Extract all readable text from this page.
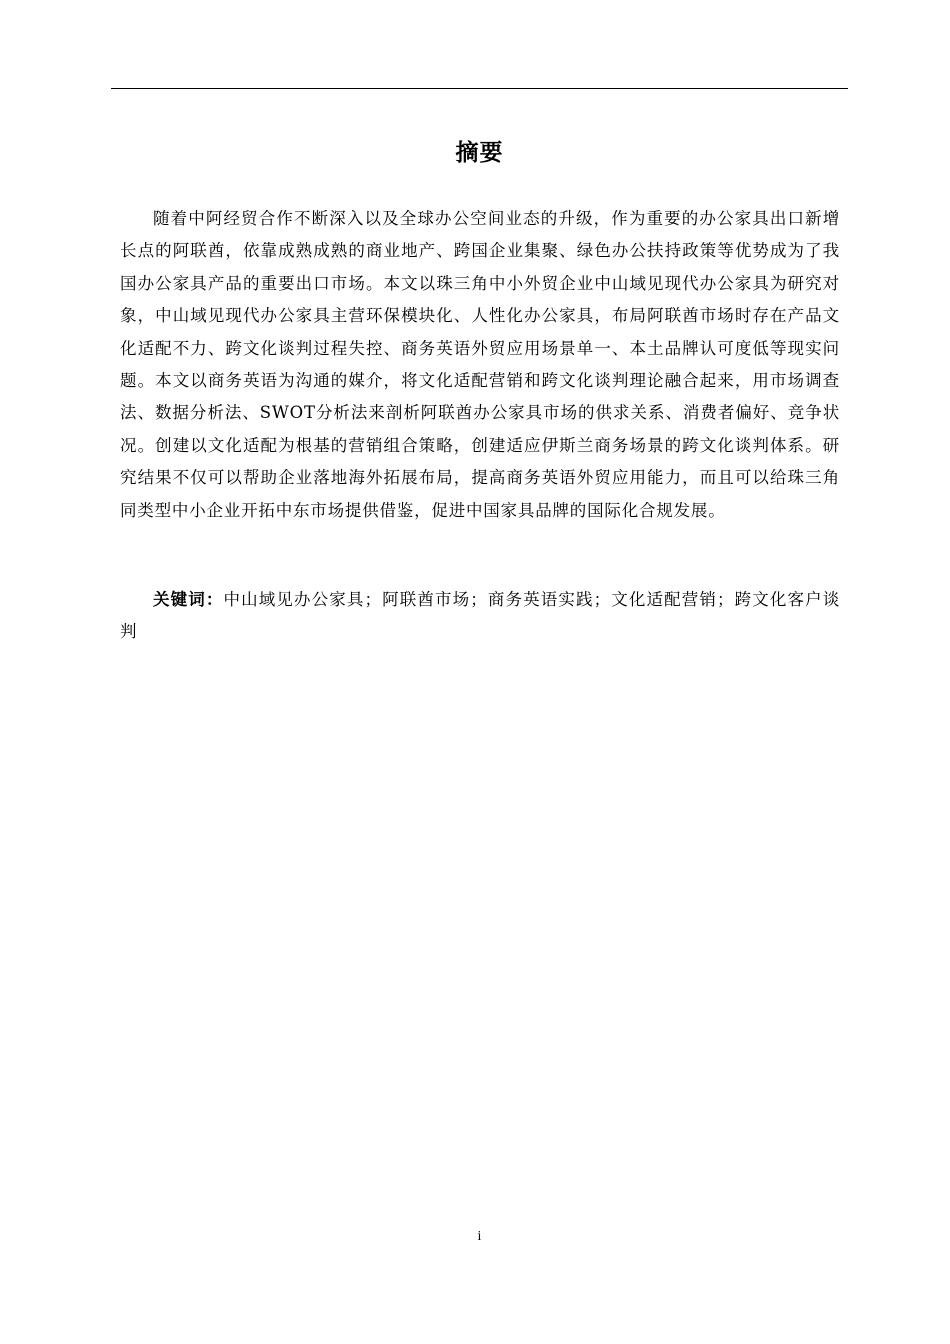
摘要

随着中阿经贸合作不断深入以及全球办公空间业态的升级，作为重要的办公家具出口新增长点的阿联酋，依靠成熟成熟的商业地产、跨国企业集聚、绿色办公扶持政策等优势成为了我国办公家具产品的重要出口市场。本文以珠三角中小外贸企业中山域见现代办公家具为研究对象，中山域见现代办公家具主营环保模块化、人性化办公家具，布局阿联酋市场时存在产品文化适配不力、跨文化谈判过程失控、商务英语外贸应用场景单一、本土品牌认可度低等现实问题。本文以商务英语为沟通的媒介，将文化适配营销和跨文化谈判理论融合起来，用市场调查法、数据分析法、SWOT分析法来剖析阿联酋办公家具市场的供求关系、消费者偏好、竞争状况。创建以文化适配为根基的营销组合策略，创建适应伊斯兰商务场景的跨文化谈判体系。研究结果不仅可以帮助企业落地海外拓展布局，提高商务英语外贸应用能力，而且可以给珠三角同类型中小企业开拓中东市场提供借鉴，促进中国家具品牌的国际化合规发展。

关键词：中山域见办公家具；阿联酋市场；商务英语实践；文化适配营销；跨文化客户谈判

i
